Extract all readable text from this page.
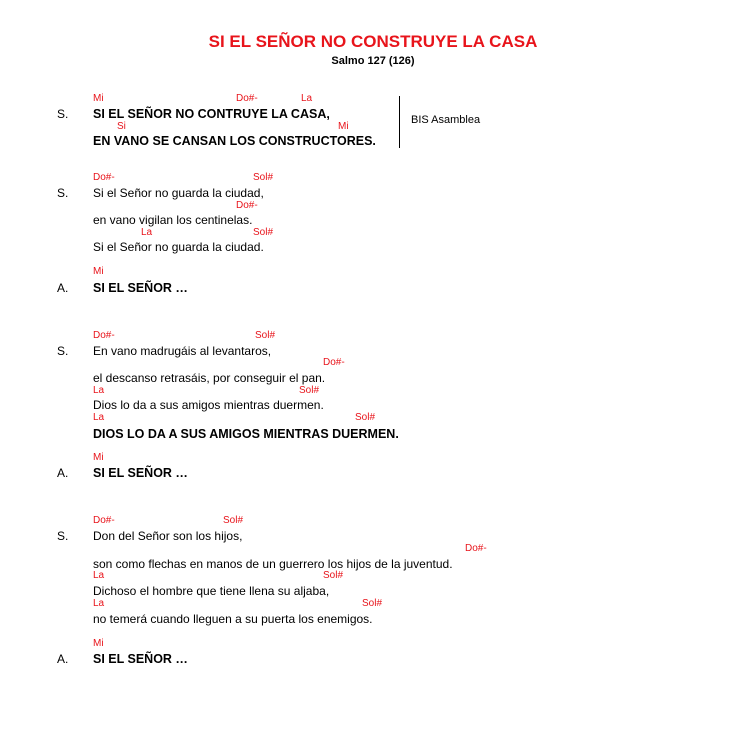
SI EL SEÑOR NO CONSTRUYE LA CASA
Salmo 127 (126)
Mi	Do#-	La
S. SI EL SEÑOR NO CONTRUYE LA CASA,
Si	Mi
EN VANO SE CANSAN LOS CONSTRUCTORES.
BIS Asamblea
Do#-	Sol#
S. Si el Señor no guarda la ciudad,
Do#-
en vano vigilan los centinelas.
La	Sol#
Si el Señor no guarda la ciudad.
Mi
A. SI EL SEÑOR …
Do#-	Sol#
S. En vano madrugáis al levantaros,
Do#-
el descanso retrasáis, por conseguir el pan.
La	Sol#
Dios lo da a sus amigos mientras duermen.
La	Sol#
DIOS LO DA A SUS AMIGOS MIENTRAS DUERMEN.
Mi
A. SI EL SEÑOR …
Do#-	Sol#
S. Don del Señor son los hijos,
Do#-
son como flechas en manos de un guerrero los hijos de la juventud.
La	Sol#
Dichoso el hombre que tiene llena su aljaba,
La	Sol#
no temerá cuando lleguen a su puerta los enemigos.
Mi
A. SI EL SEÑOR …
